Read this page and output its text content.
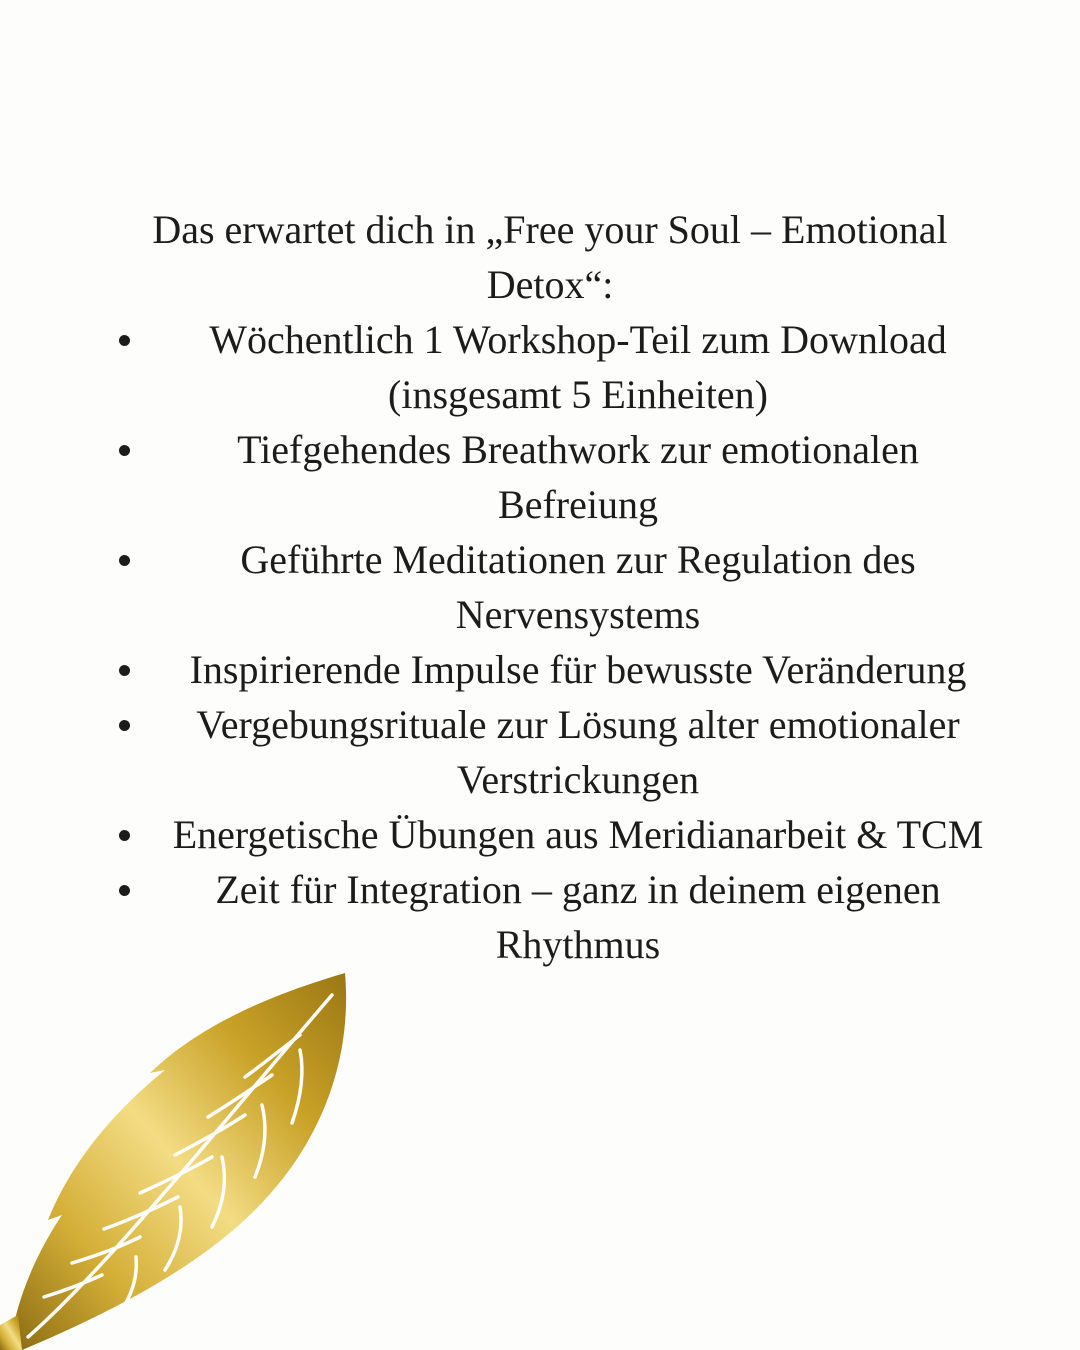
Das erwartet dich in „Free your Soul – Emotional Detox“:

Wöchentlich 1 Workshop-Teil zum Download (insgesamt 5 Einheiten)
Tiefgehendes Breathwork zur emotionalen Befreiung
Geführte Meditationen zur Regulation des Nervensystems
Inspirierende Impulse für bewusste Veränderung
Vergebungsrituale zur Lösung alter emotionaler Verstrickungen
Energetische Übungen aus Meridianarbeit & TCM
Zeit für Integration – ganz in deinem eigenen Rhythmus
